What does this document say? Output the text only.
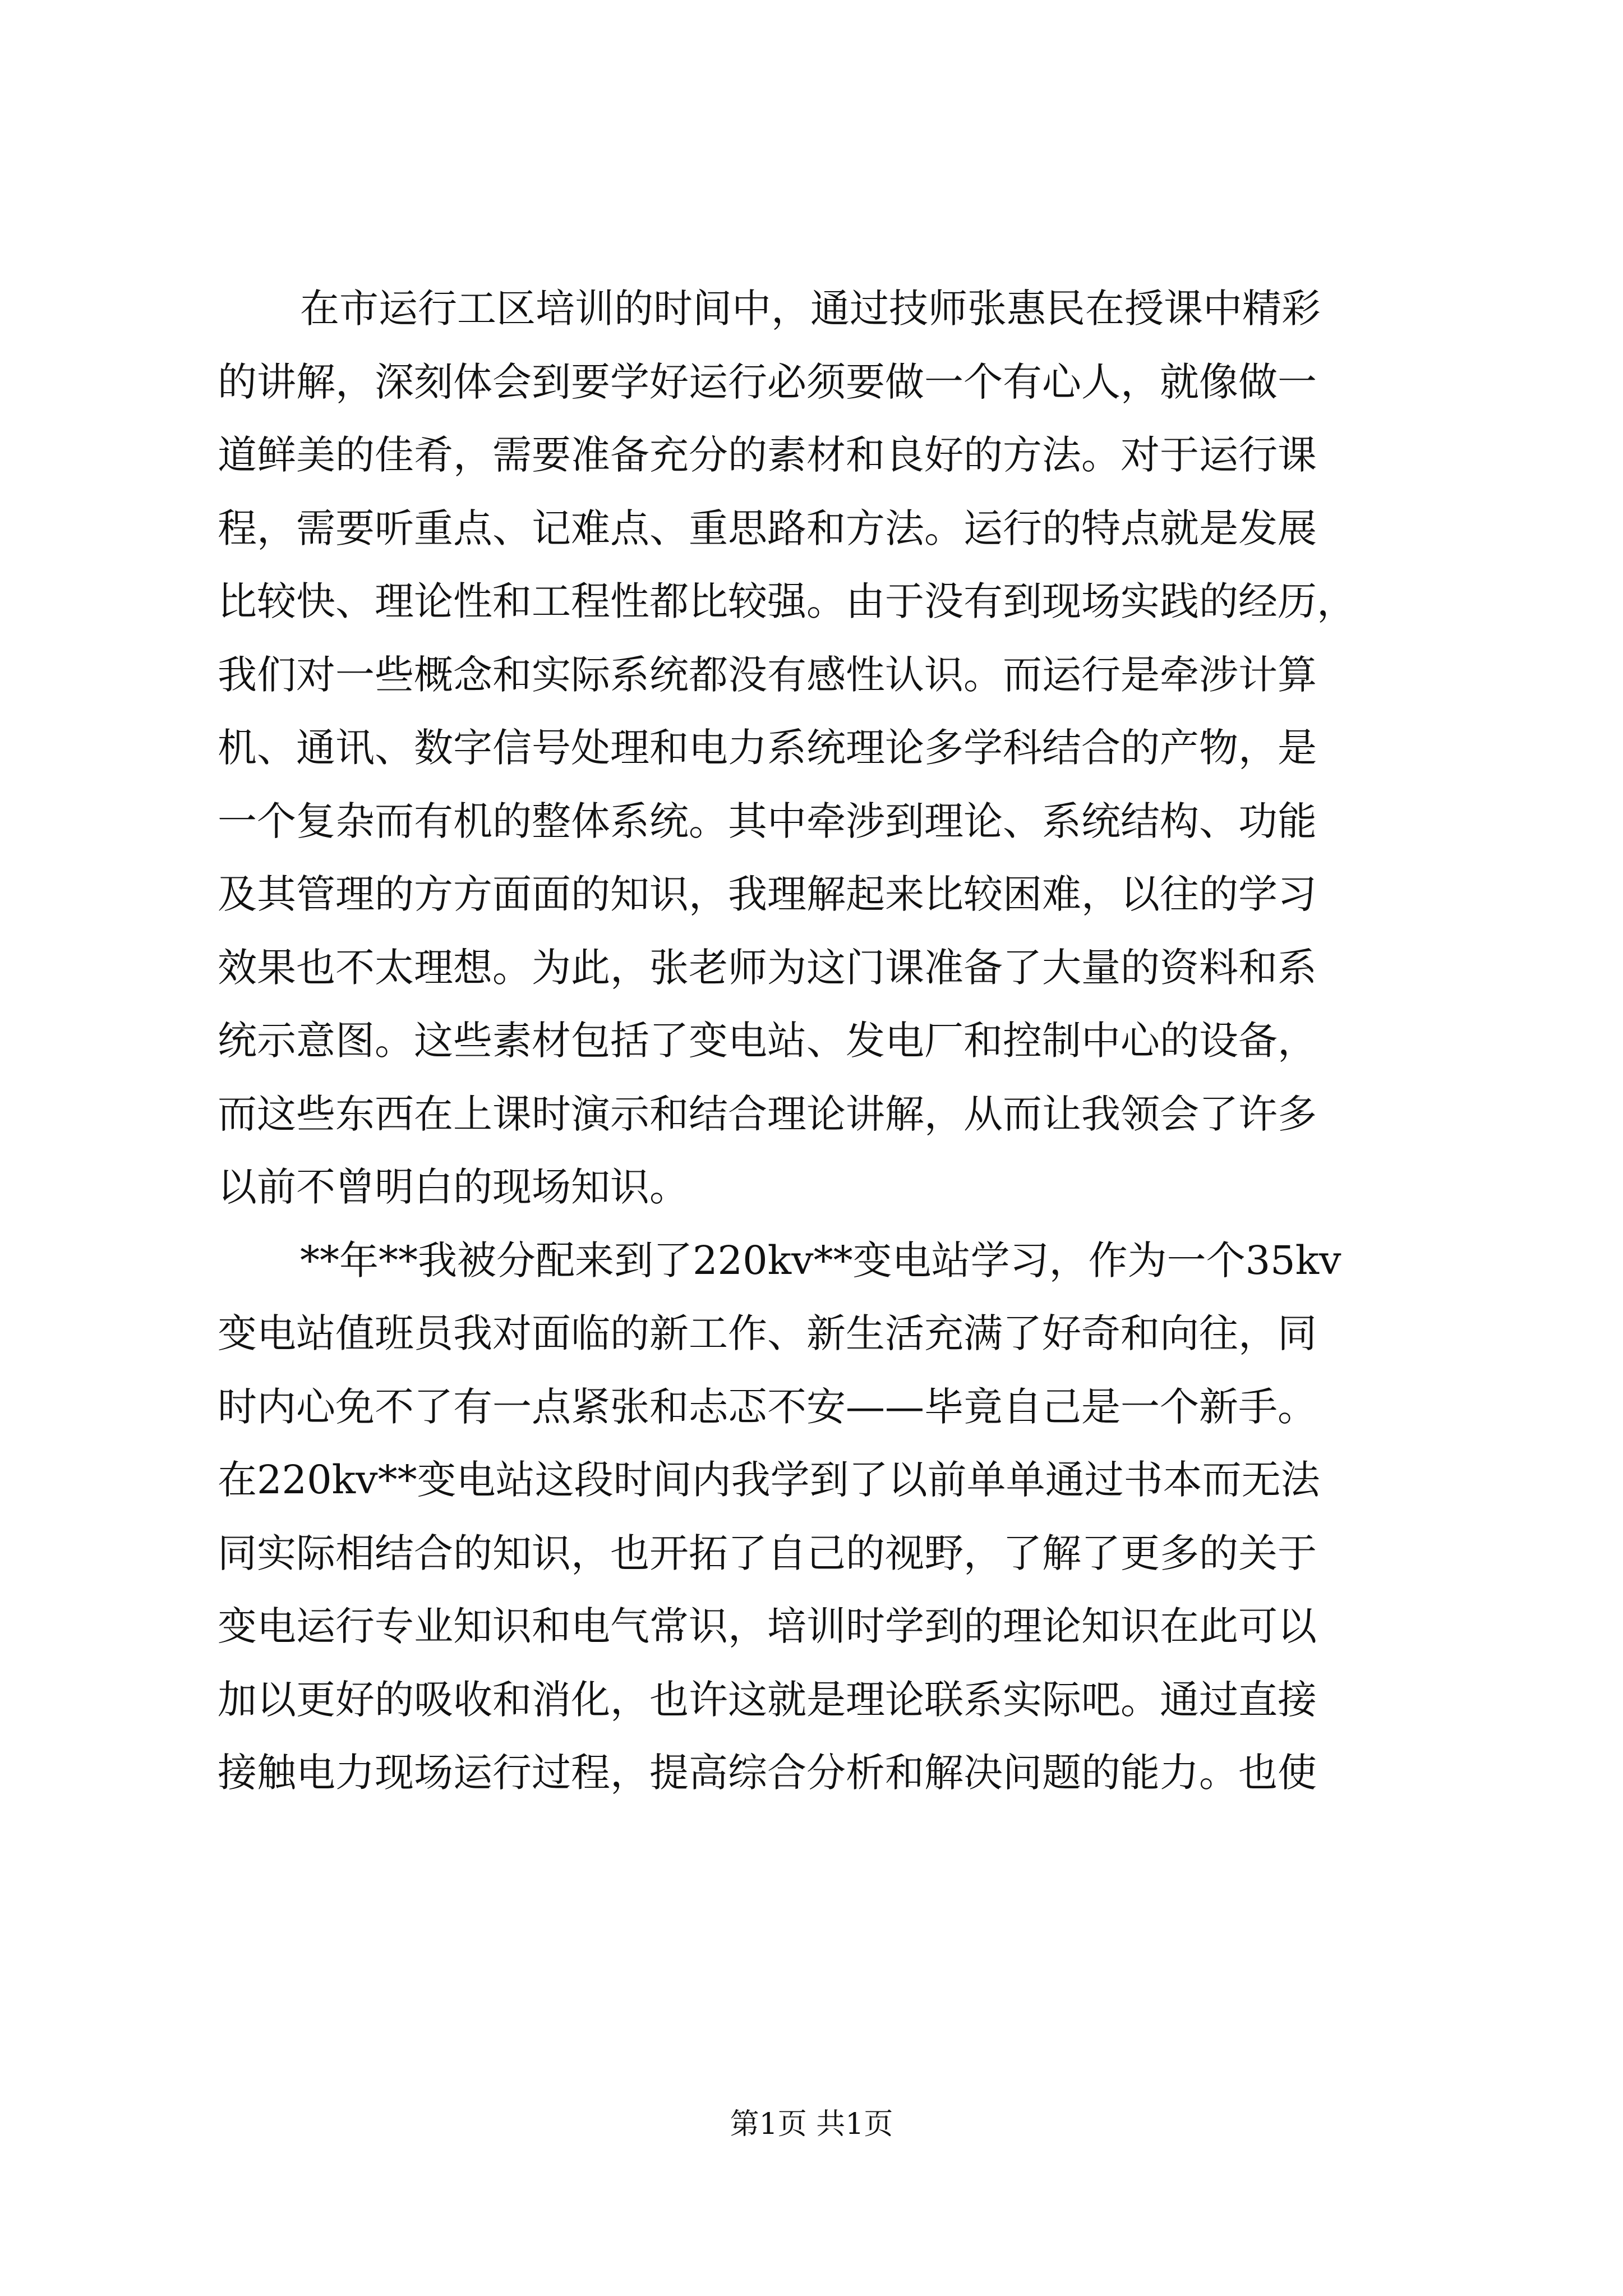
在市运行工区培训的时间中，通过技师张惠民在授课中精彩
的讲解，深刻体会到要学好运行必须要做一个有心人，就像做一
道鲜美的佳肴，需要准备充分的素材和良好的方法。对于运行课
程，需要听重点、记难点、重思路和方法。运行的特点就是发展
比较快、理论性和工程性都比较强。由于没有到现场实践的经历，
我们对一些概念和实际系统都没有感性认识。而运行是牵涉计算
机、通讯、数字信号处理和电力系统理论多学科结合的产物，是
一个复杂而有机的整体系统。其中牵涉到理论、系统结构、功能
及其管理的方方面面的知识，我理解起来比较困难，以往的学习
效果也不太理想。为此，张老师为这门课准备了大量的资料和系
统示意图。这些素材包括了变电站、发电厂和控制中心的设备，
而这些东西在上课时演示和结合理论讲解，从而让我领会了许多
以前不曾明白的现场知识。
**年**我被分配来到了220kv**变电站学习，作为一个35kv
变电站值班员我对面临的新工作、新生活充满了好奇和向往，同
时内心免不了有一点紧张和忐忑不安——毕竟自己是一个新手。
在220kv**变电站这段时间内我学到了以前单单通过书本而无法
同实际相结合的知识，也开拓了自己的视野，了解了更多的关于
变电运行专业知识和电气常识，培训时学到的理论知识在此可以
加以更好的吸收和消化，也许这就是理论联系实际吧。通过直接
接触电力现场运行过程，提高综合分析和解决问题的能力。也使
第1页 共1页
